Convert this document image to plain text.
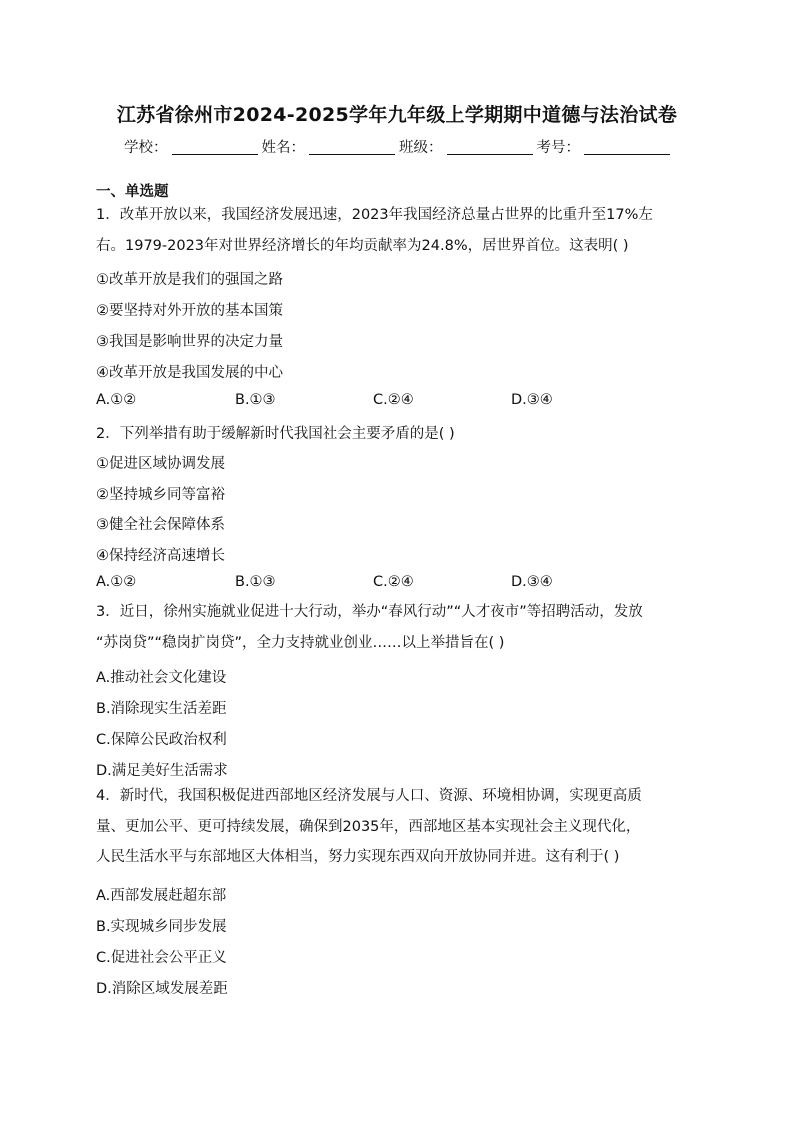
江苏省徐州市2024-2025学年九年级上学期期中道德与法治试卷
学校：	姓名：	班级：	考号：
一、单选题
1．改革开放以来，我国经济发展迅速，2023年我国经济总量占世界的比重升至17%左
右。1979-2023年对世界经济增长的年均贡献率为24.8%，居世界首位。这表明( )
①改革开放是我们的强国之路
②要坚持对外开放的基本国策
③我国是影响世界的决定力量
④改革开放是我国发展的中心
A.①②	B.①③	C.②④	D.③④
2．下列举措有助于缓解新时代我国社会主要矛盾的是( )
①促进区域协调发展
②坚持城乡同等富裕
③健全社会保障体系
④保持经济高速增长
A.①②	B.①③	C.②④	D.③④
3．近日，徐州实施就业促进十大行动，举办“春风行动”“人才夜市”等招聘活动，发放
“苏岗贷”“稳岗扩岗贷”，全力支持就业创业……以上举措旨在( )
A.推动社会文化建设
B.消除现实生活差距
C.保障公民政治权利
D.满足美好生活需求
4．新时代，我国积极促进西部地区经济发展与人口、资源、环境相协调，实现更高质
量、更加公平、更可持续发展，确保到2035年，西部地区基本实现社会主义现代化，
人民生活水平与东部地区大体相当，努力实现东西双向开放协同并进。这有利于( )
A.西部发展赶超东部
B.实现城乡同步发展
C.促进社会公平正义
D.消除区域发展差距
